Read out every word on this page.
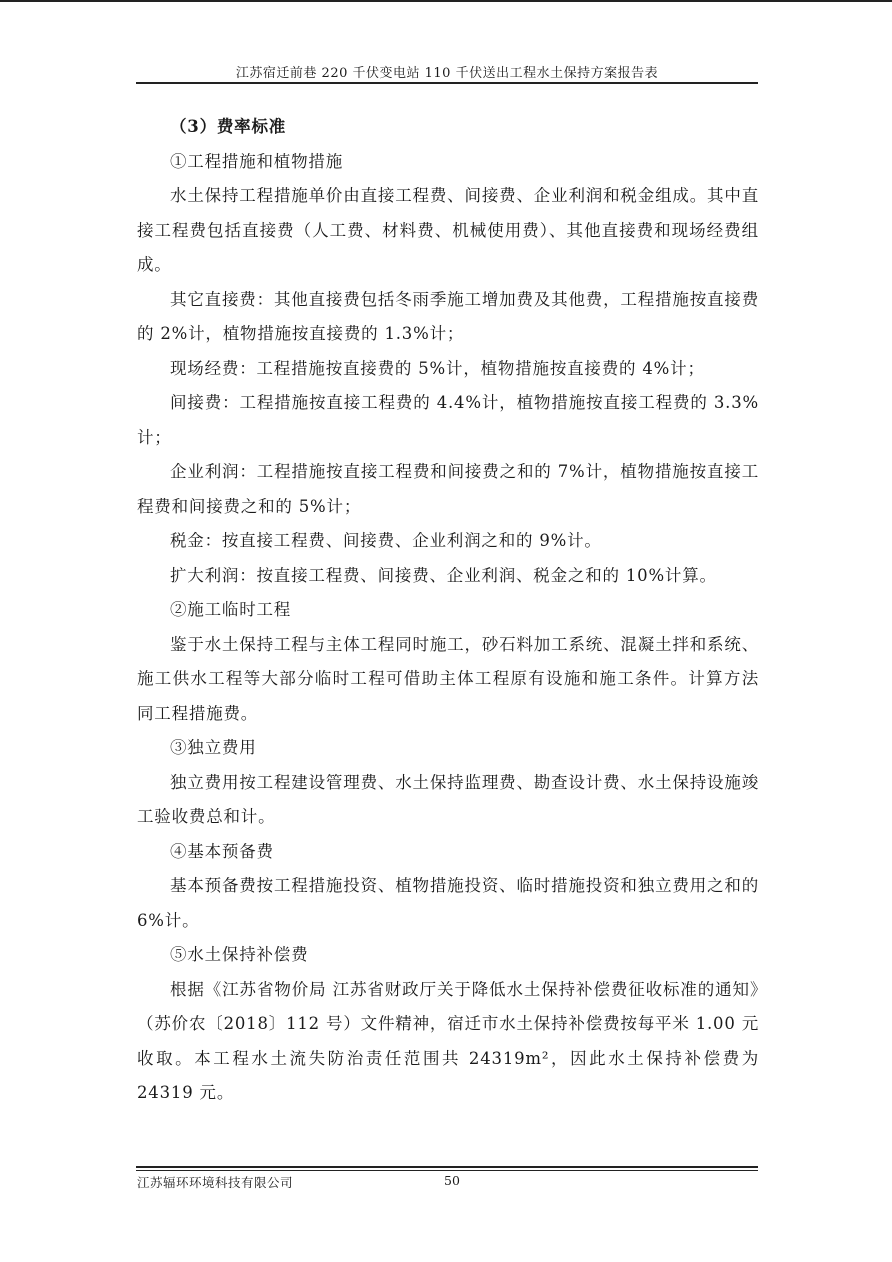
江苏宿迁前巷 220 千伏变电站 110 千伏送出工程水土保持方案报告表

（3）费率标准

①工程措施和植物措施

水土保持工程措施单价由直接工程费、间接费、企业利润和税金组成。其中直接工程费包括直接费（人工费、材料费、机械使用费）、其他直接费和现场经费组成。

其它直接费：其他直接费包括冬雨季施工增加费及其他费，工程措施按直接费的 2%计，植物措施按直接费的 1.3%计；

现场经费：工程措施按直接费的 5%计，植物措施按直接费的 4%计；

间接费：工程措施按直接工程费的 4.4%计，植物措施按直接工程费的 3.3%计；

企业利润：工程措施按直接工程费和间接费之和的 7%计，植物措施按直接工程费和间接费之和的 5%计；

税金：按直接工程费、间接费、企业利润之和的 9%计。

扩大利润：按直接工程费、间接费、企业利润、税金之和的 10%计算。

②施工临时工程

鉴于水土保持工程与主体工程同时施工，砂石料加工系统、混凝土拌和系统、施工供水工程等大部分临时工程可借助主体工程原有设施和施工条件。计算方法同工程措施费。

③独立费用

独立费用按工程建设管理费、水土保持监理费、勘查设计费、水土保持设施竣工验收费总和计。

④基本预备费

基本预备费按工程措施投资、植物措施投资、临时措施投资和独立费用之和的 6%计。

⑤水土保持补偿费

根据《江苏省物价局 江苏省财政厅关于降低水土保持补偿费征收标准的通知》（苏价农〔2018〕112 号）文件精神，宿迁市水土保持补偿费按每平米 1.00 元收取。本工程水土流失防治责任范围共 24319m²，因此水土保持补偿费为 24319 元。

江苏辐环环境科技有限公司	50
